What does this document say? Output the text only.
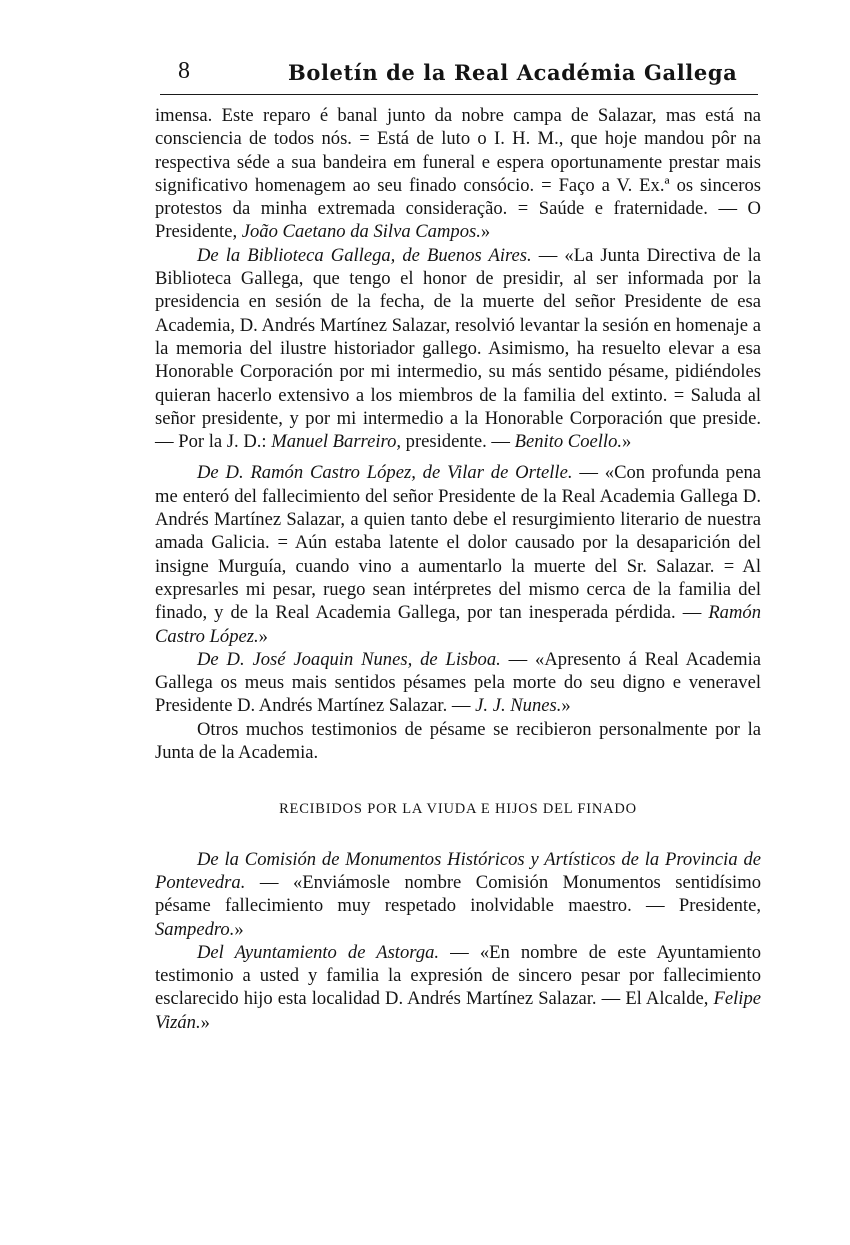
8	Boletín de la Real Académia Gallega

imensa. Este reparo é banal junto da nobre campa de Salazar, mas está na consciencia de todos nós. = Está de luto o I. H. M., que hoje mandou pôr na respectiva séde a sua bandeira em funeral e espera oportunamente prestar mais significativo homenagem ao seu finado consócio. = Faço a V. Ex.ª os sinceros protestos da minha extremada consideração. = Saúde e fraternidade. — O Presidente, João Caetano da Silva Campos.»

De la Biblioteca Gallega, de Buenos Aires. — «La Junta Directiva de la Biblioteca Gallega, que tengo el honor de presidir, al ser informada por la presidencia en sesión de la fecha, de la muerte del señor Presidente de esa Academia, D. Andrés Martínez Salazar, resolvió levantar la sesión en homenaje a la memoria del ilustre historiador gallego. Asimismo, ha resuelto elevar a esa Honorable Corporación por mi intermedio, su más sentido pésame, pidiéndoles quieran hacerlo extensivo a los miembros de la familia del extinto. = Saluda al señor presidente, y por mi intermedio a la Honorable Corporación que preside. — Por la J. D.: Manuel Barreiro, presidente. — Benito Coello.»

De D. Ramón Castro López, de Vilar de Ortelle. — «Con profunda pena me enteró del fallecimiento del señor Presidente de la Real Academia Gallega D. Andrés Martínez Salazar, a quien tanto debe el resurgimiento literario de nuestra amada Galicia. = Aún estaba latente el dolor causado por la desaparición del insigne Murguía, cuando vino a aumentarlo la muerte del Sr. Salazar. = Al expresarles mi pesar, ruego sean intérpretes del mismo cerca de la familia del finado, y de la Real Academia Gallega, por tan inesperada pérdida. — Ramón Castro López.»

De D. José Joaquin Nunes, de Lisboa. — «Apresento á Real Academia Gallega os meus mais sentidos pésames pela morte do seu digno e veneravel Presidente D. Andrés Martínez Salazar. — J. J. Nunes.»

Otros muchos testimonios de pésame se recibieron personalmente por la Junta de la Academia.

RECIBIDOS POR LA VIUDA E HIJOS DEL FINADO

De la Comisión de Monumentos Históricos y Artísticos de la Provincia de Pontevedra. — «Enviámosle nombre Comisión Monumentos sentidísimo pésame fallecimiento muy respetado inolvidable maestro. — Presidente, Sampedro.»

Del Ayuntamiento de Astorga. — «En nombre de este Ayuntamiento testimonio a usted y familia la expresión de sincero pesar por fallecimiento esclarecido hijo esta localidad D. Andrés Martínez Salazar. — El Alcalde, Felipe Vizán.»
